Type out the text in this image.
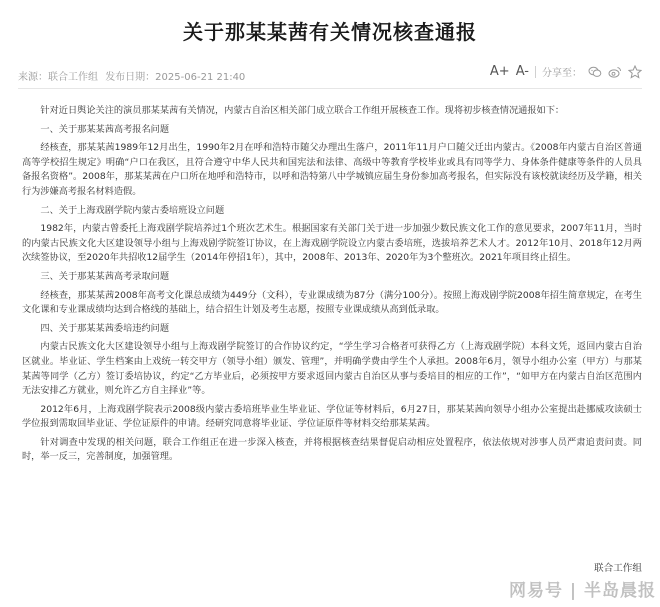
关于那某某茜有关情况核查通报
来源：联合工作组 发布日期：2025-06-21 21:40	A+ A- 分享至：

针对近日舆论关注的演员那某某茜有关情况，内蒙古自治区相关部门成立联合工作组开展核查工作。现将初步核查情况通报如下：

一、关于那某某茜高考报名问题

经核查，那某某茜1989年12月出生，1990年2月在呼和浩特市随父办理出生落户，2011年11月户口随父迁出内蒙古。《2008年内蒙古自治区普通高等学校招生规定》明确“户口在我区，且符合遵守中华人民共和国宪法和法律、高级中等教育学校毕业或具有同等学力、身体条件健康等条件的人员具备报名资格”。2008年，那某某茜在户口所在地呼和浩特市，以呼和浩特第八中学城镇应届生身份参加高考报名，但实际没有该校就读经历及学籍，相关行为涉嫌高考报名材料造假。

二、关于上海戏剧学院内蒙古委培班设立问题

1982年，内蒙古曾委托上海戏剧学院培养过1个班次艺术生。根据国家有关部门关于进一步加强少数民族文化工作的意见要求，2007年11月，当时的内蒙古民族文化大区建设领导小组与上海戏剧学院签订协议，在上海戏剧学院设立内蒙古委培班，选拔培养艺术人才。2012年10月、2018年12月两次续签协议，至2020年共招收12届学生（2014年停招1年），其中，2008年、2013年、2020年为3个整班次。2021年项目终止招生。

三、关于那某某茜高考录取问题

经核查，那某某茜2008年高考文化课总成绩为449分（文科），专业课成绩为87分（满分100分）。按照上海戏剧学院2008年招生简章规定，在考生文化课和专业课成绩均达到合格线的基础上，结合招生计划及考生志愿，按照专业课成绩从高到低录取。

四、关于那某某茜委培违约问题

内蒙古民族文化大区建设领导小组与上海戏剧学院签订的合作协议约定，“学生学习合格者可获得乙方（上海戏剧学院）本科文凭，返回内蒙古自治区就业。毕业证、学生档案由上戏统一转交甲方（领导小组）颁发、管理”，并明确学费由学生个人承担。2008年6月，领导小组办公室（甲方）与那某某茜等同学（乙方）签订委培协议，约定“乙方毕业后，必须按甲方要求返回内蒙古自治区从事与委培目的相应的工作”，“如甲方在内蒙古自治区范围内无法安排乙方就业，则允许乙方自主择业”等。

2012年6月，上海戏剧学院表示2008级内蒙古委培班毕业生毕业证、学位证等材料后，6月27日，那某某茜向领导小组办公室提出赴挪威攻读硕士学位报到需取回毕业证、学位证原件的申请。经研究同意将毕业证、学位证原件等材料交给那某某茜。

针对调查中发现的相关问题，联合工作组正在进一步深入核查，并将根据核查结果督促启动相应处置程序，依法依规对涉事人员严肃追责问责。同时，举一反三，完善制度，加强管理。

联合工作组
网易号 | 半岛晨报
